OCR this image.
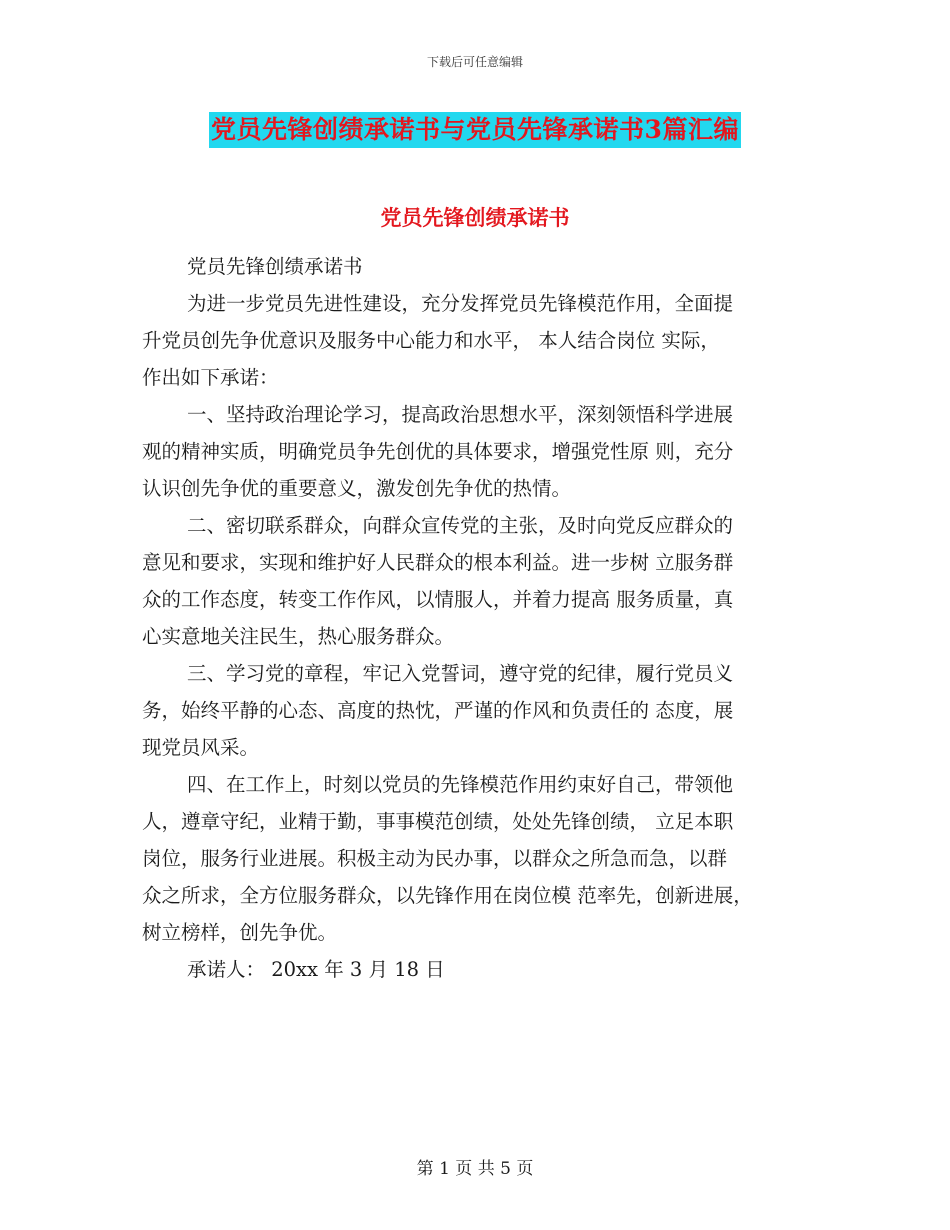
下载后可任意编辑
党员先锋创绩承诺书与党员先锋承诺书3篇汇编
党员先锋创绩承诺书
党员先锋创绩承诺书
为进一步党员先进性建设，充分发挥党员先锋模范作用，全面提
升党员创先争优意识及服务中心能力和水平， 本人结合岗位 实际，
作出如下承诺：
一、坚持政治理论学习，提高政治思想水平，深刻领悟科学进展
观的精神实质，明确党员争先创优的具体要求，增强党性原 则，充分
认识创先争优的重要意义，激发创先争优的热情。
二、密切联系群众，向群众宣传党的主张，及时向党反应群众的
意见和要求，实现和维护好人民群众的根本利益。进一步树 立服务群
众的工作态度，转变工作作风，以情服人，并着力提高 服务质量，真
心实意地关注民生，热心服务群众。
三、学习党的章程，牢记入党誓词，遵守党的纪律，履行党员义
务，始终平静的心态、高度的热忱，严谨的作风和负责任的 态度，展
现党员风采。
四、在工作上，时刻以党员的先锋模范作用约束好自己，带领他
人，遵章守纪，业精于勤，事事模范创绩，处处先锋创绩， 立足本职
岗位，服务行业进展。积极主动为民办事，以群众之所急而急，以群
众之所求，全方位服务群众，以先锋作用在岗位模 范率先，创新进展，
树立榜样，创先争优。
承诺人： 20xx 年 3 月 18 日
第 1 页 共 5 页
